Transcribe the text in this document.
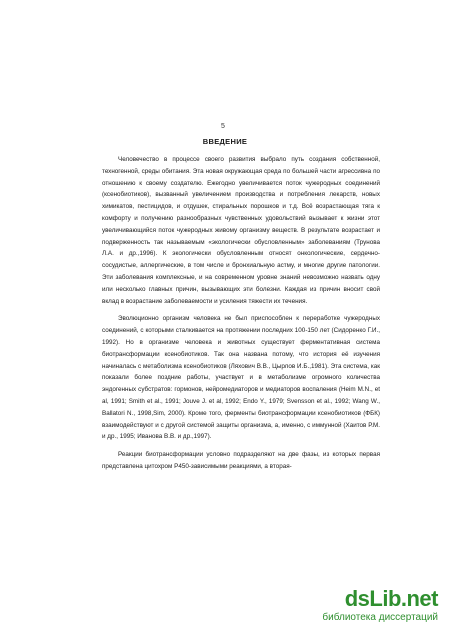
5
ВВЕДЕНИЕ

Человечество в процессе своего развития выбрало путь создания собственной, техногенной, среды обитания. Эта новая окружающая среда по большей части агрессивна по отношению к своему создателю. Ежегодно увеличивается поток чужеродных соединений (ксенобиотиков), вызванный увеличением производства и потребления лекарств, новых химикатов, пестицидов, и отдушек, стиральных порошков и т.д. Всё возрастающая тяга к комфорту и получению разнообразных чувственных удовольствий вызывает к жизни этот увеличивающийся поток чужеродных живому организму веществ. В результате возрастает и подверженность так называемым «экологически обусловленным» заболеваниям (Трунова Л.А. и др.,1996). К экологически обусловленным относят онкологические, сердечно-сосудистые, аллергические, в том числе и бронхиальную астму, и многие другие патологии. Эти заболевания комплексные, и на современном уровне знаний невозможно назвать одну или несколько главных причин, вызывающих эти болезни. Каждая из причин вносит свой вклад в возрастание заболеваемости и усиления тяжести их течения.

Эволюционно организм человека не был приспособлен к переработке чужеродных соединений, с которыми сталкивается на протяжении последних 100-150 лет (Сидоренко Г.И., 1992). Но в организме человека и животных существует ферментативная система биотрансформации ксенобиотиков. Так она названа потому, что история её изучения начиналась с метаболизма ксенобиотиков (Ляхович В.В., Цырлов И.Б.,1981). Эта система, как показали более поздние работы, участвует и в метаболизме огромного количества эндогенных субстратов: гормонов, нейромедиаторов и медиаторов воспаления (Heim M.N., et al, 1991; Smith et al., 1991; Jouve J. et al, 1992; Endo Y., 1979; Svensson et al., 1992; Wang W., Ballatori N., 1998,Sim, 2000). Кроме того, ферменты биотрансформации ксенобиотиков (ФБК) взаимодействуют и с другой системой защиты организма, а, именно, с иммунной (Хаитов Р.М. и др., 1995; Иванова В.В. и др.,1997).

Реакции биотрансформации условно подразделяют на две фазы, из которых первая представлена цитохром Р450-зависимыми реакциями, а вторая-

dsLib.net
библиотека диссертаций
